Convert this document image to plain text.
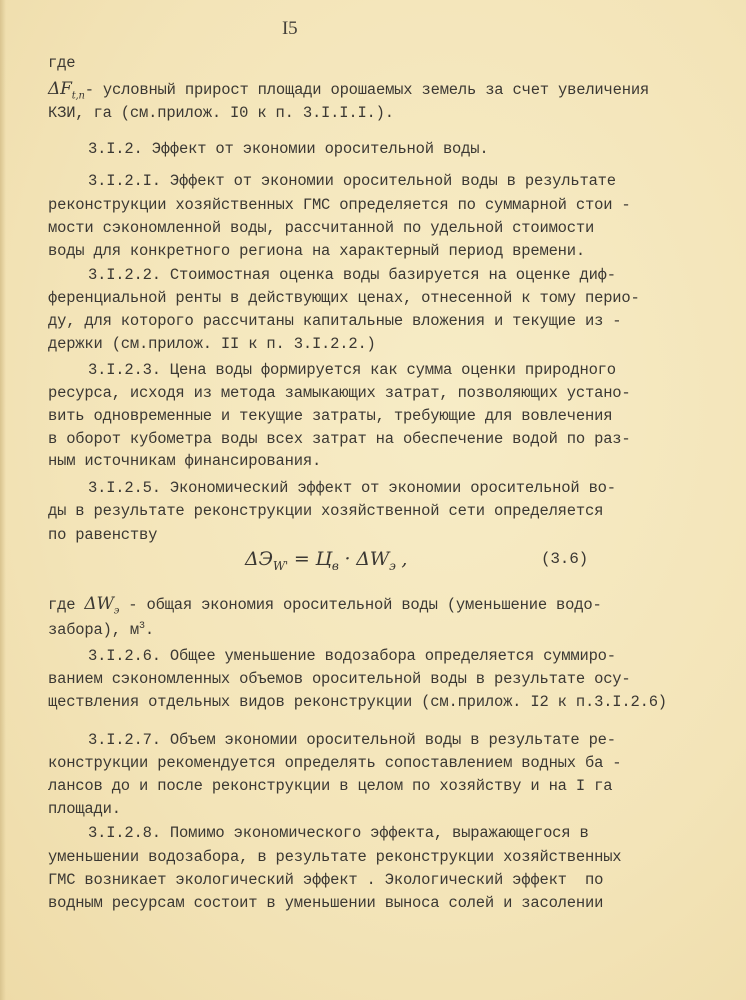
I5
где
$\Delta F_{t,п}-$ условный прирост площади орошаемых земель за счет увеличения
КЗИ, га (см.прилож. I0 к п. 3.I.I.I.).
3.I.2. Эффект от экономии оросительной воды.
3.I.2.I. Эффект от экономии оросительной воды в результате
реконструкции хозяйственных ГМС определяется по суммарной стои -
мости сэкономленной воды, рассчитанной по удельной стоимости
воды для конкретного региона на характерный период времени.
3.I.2.2. Стоимостная оценка воды базируется на оценке диф-
ференциальной ренты в действующих ценах, отнесенной к тому перио-
ду, для которого рассчитаны капитальные вложения и текущие из -
держки (см.прилож. II к п. 3.I.2.2.)
3.I.2.3. Цена воды формируется как сумма оценки природного
ресурса, исходя из метода замыкающих затрат, позволяющих устано-
вить одновременные и текущие затраты, требующие для вовлечения
в оборот кубометра воды всех затрат на обеспечение водой по раз-
ным источникам финансирования.
3.I.2.5. Экономический эффект от экономии оросительной во-
ды в результате реконструкции хозяйственной сети определяется
по равенству
$\Delta Э_{W'} = Ц_в \cdot \Delta W_э$ ,	(3.6)
где $\Delta W_э$ - общая экономия оросительной воды (уменьшение водо-
забора), $м^3$.
3.I.2.6. Общее уменьшение водозабора определяется суммиро-
ванием сэкономленных объемов оросительной воды в результате осу-
ществления отдельных видов реконструкции (см.прилож. I2 к п.3.I.2.6)
3.I.2.7. Объем экономии оросительной воды в результате ре-
конструкции рекомендуется определять сопоставлением водных ба -
лансов до и после реконструкции в целом по хозяйству и на I га
площади.
3.I.2.8. Помимо экономического эффекта, выражающегося в
уменьшении водозабора, в результате реконструкции хозяйственных
ГМС возникает экологический эффект . Экологический эффект  по
водным ресурсам состоит в уменьшении выноса солей и засолении
